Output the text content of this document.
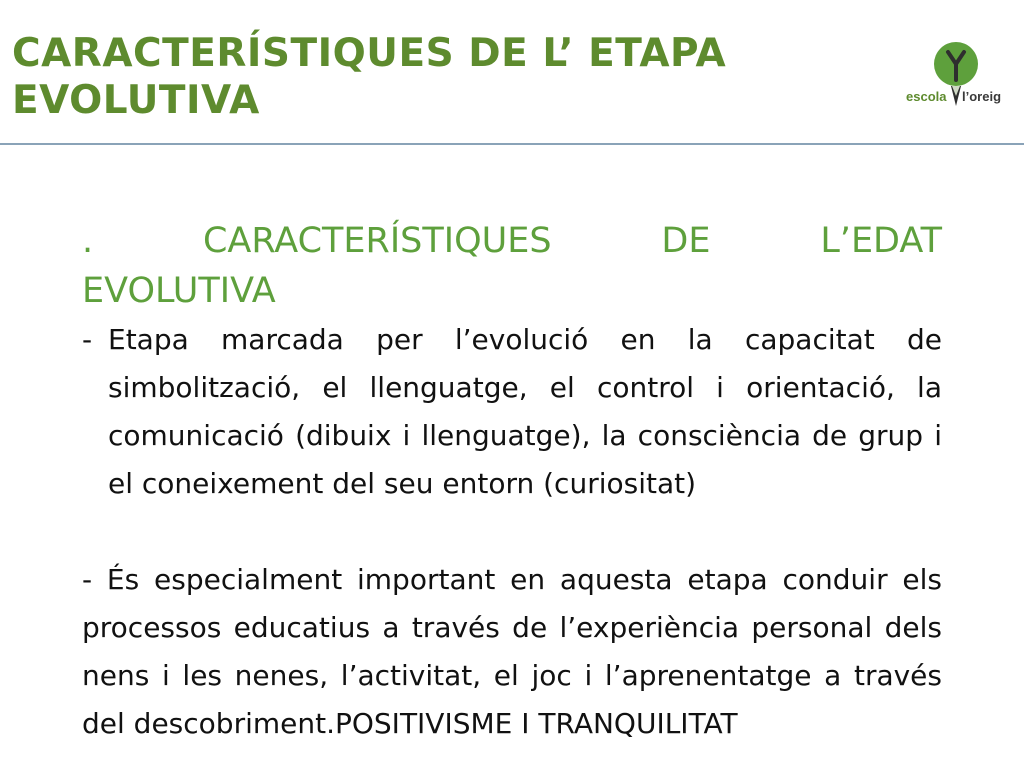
CARACTERÍSTIQUES DE L’ ETAPA
EVOLUTIVA	escola l’oreig
.	CARACTERÍSTIQUES	DE	L’EDAT
EVOLUTIVA

- Etapa marcada per l’evolució en la capacitat de simbolització, el llenguatge, el control i orientació, la comunicació (dibuix i llenguatge), la consciència de grup i el coneixement del seu entorn (curiositat)

- És especialment important en aquesta etapa conduir els processos educatius a través de l’experiència personal dels nens i les nenes, l’activitat, el joc i l’aprenentatge a través del descobriment.POSITIVISME I TRANQUILITAT
